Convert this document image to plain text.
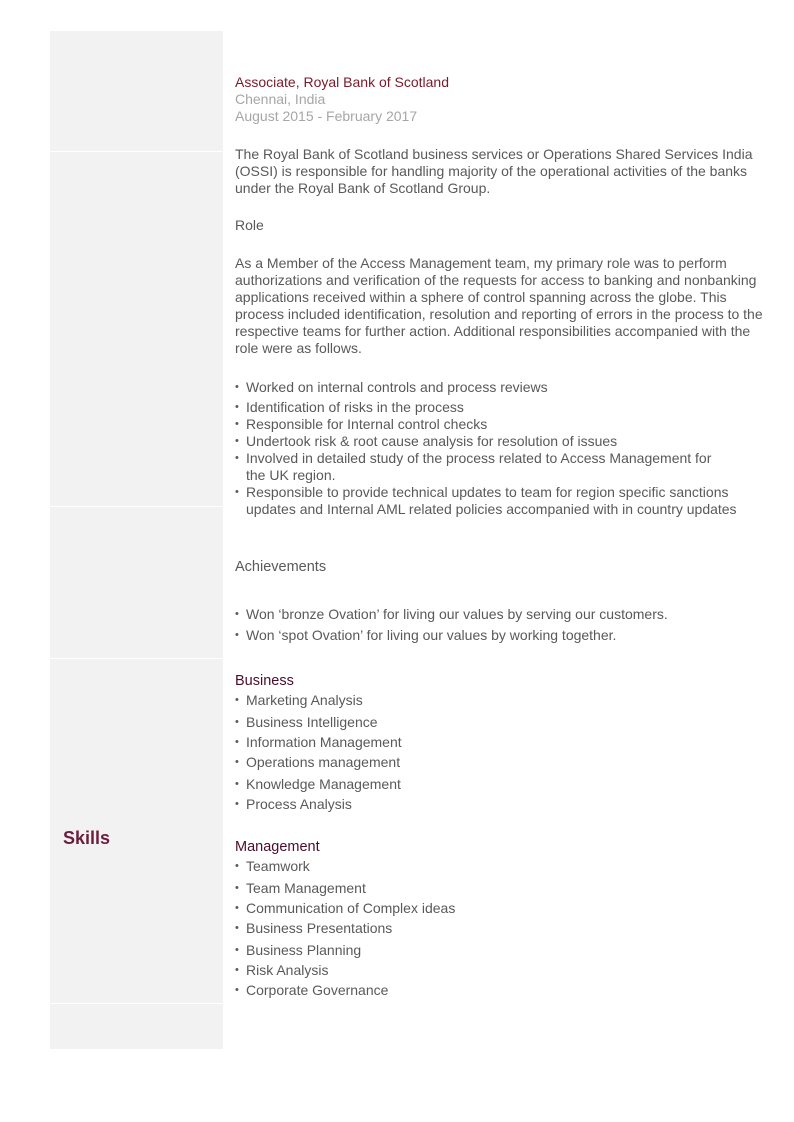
Skills

Associate, Royal Bank of Scotland

Chennai, India

August 2015 - February 2017

The Royal Bank of Scotland business services or Operations Shared Services India (OSSI) is responsible for handling majority of the operational activities of the banks under the Royal Bank of Scotland Group.

Role

As a Member of the Access Management team, my primary role was to perform authorizations and verification of the requests for access to banking and nonbanking applications received within a sphere of control spanning across the globe. This process included identification, resolution and reporting of errors in the process to the respective teams for further action. Additional responsibilities accompanied with the role were as follows.

• Worked on internal controls and process reviews
• Identification of risks in the process
• Responsible for Internal control checks
• Undertook risk & root cause analysis for resolution of issues
• Involved in detailed study of the process related to Access Management for
the UK region.
• Responsible to provide technical updates to team for region specific sanctions
updates and Internal AML related policies accompanied with in country updates

Achievements

• Won ‘bronze Ovation’ for living our values by serving our customers.
• Won ‘spot Ovation’ for living our values by working together.

Business

• Marketing Analysis
• Business Intelligence
• Information Management
• Operations management
• Knowledge Management
• Process Analysis

Management

• Teamwork
• Team Management
• Communication of Complex ideas
• Business Presentations
• Business Planning
• Risk Analysis
• Corporate Governance
